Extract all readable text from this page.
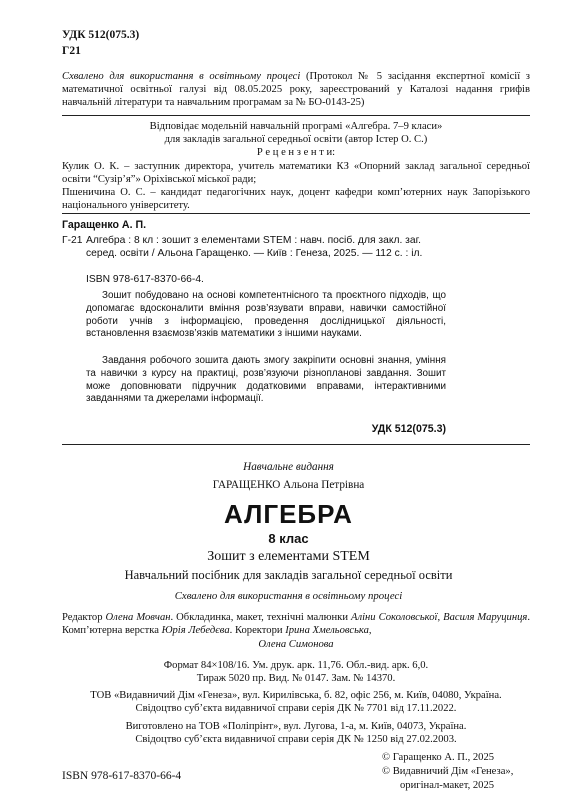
УДК 512(075.3)
Г21
Схвалено для використання в освітньому процесі (Протокол № 5 засідання експертної комісії з математичної освітньої галузі від 08.05.2025 року, зареєстрований у Каталозі надання грифів навчальній літератури та навчальним програмам за № БО-0143-25)
Відповідає модельній навчальній програмі «Алгебра. 7–9 класи»
для закладів загальної середньої освіти (автор Істер О. С.)
Р е ц е н з е н т и:
Кулик О. К. – заступник директора, учитель математики КЗ «Опорний заклад загальної середньої освіти “Сузір’я”» Оріхівської міської ради;
Пшеничина О. С. – кандидат педагогічних наук, доцент кафедри комп’ютерних наук Запорізького національного університету.
Гаращенко А. П.
Г-21 Алгебра : 8 кл : зошит з елементами STEM : навч. посіб. для закл. заг. серед. освіти / Альона Гаращенко. — Київ : Генеза, 2025. — 112 с. : іл.
ISBN 978-617-8370-66-4.
Зошит побудовано на основі компетентнісного та проєктного підходів, що допомагає вдосконалити вміння розв’язувати вправи, навички самостійної роботи учнів з інформацією, проведення дослідницької діяльності, встановлення взаємозв’язків математики з іншими науками.
Завдання робочого зошита дають змогу закріпити основні знання, уміння та навички з курсу на практиці, розв’язуючи різнопланові завдання. Зошит може доповнювати підручник додатковими вправами, інтерактивними завданнями та джерелами інформації.
УДК 512(075.3)
Навчальне видання
ГАРАЩЕНКО Альона Петрівна
АЛГЕБРА
8 клас
Зошит з елементами STEM
Навчальний посібник для закладів загальної середньої освіти
Схвалено для використання в освітньому процесі
Редактор Олена Мовчан. Обкладинка, макет, технічні малюнки Аліни Соколовської, Василя Маруцинця. Комп’ютерна верстка Юрія Лебедєва. Коректори Ірина Хмельовська,
Олена Симонова
Формат 84×108/16. Ум. друк. арк. 11,76. Обл.-вид. арк. 6,0.
Тираж 5020 пр. Вид. № 0147. Зам. № 14370.
ТОВ «Видавничий Дім «Генеза», вул. Кирилівська, б. 82, офіс 256, м. Київ, 04080, Україна.
Свідоцтво суб’єкта видавничої справи серія ДК № 7701 від 17.11.2022.
Виготовлено на ТОВ «Поліпрінт», вул. Лугова, 1-а, м. Київ, 04073, Україна.
Свідоцтво суб’єкта видавничої справи серія ДК № 1250 від 27.02.2003.
ISBN 978-617-8370-66-4
© Гаращенко А. П., 2025
© Видавничий Дім «Генеза»,
оригінал-макет, 2025
